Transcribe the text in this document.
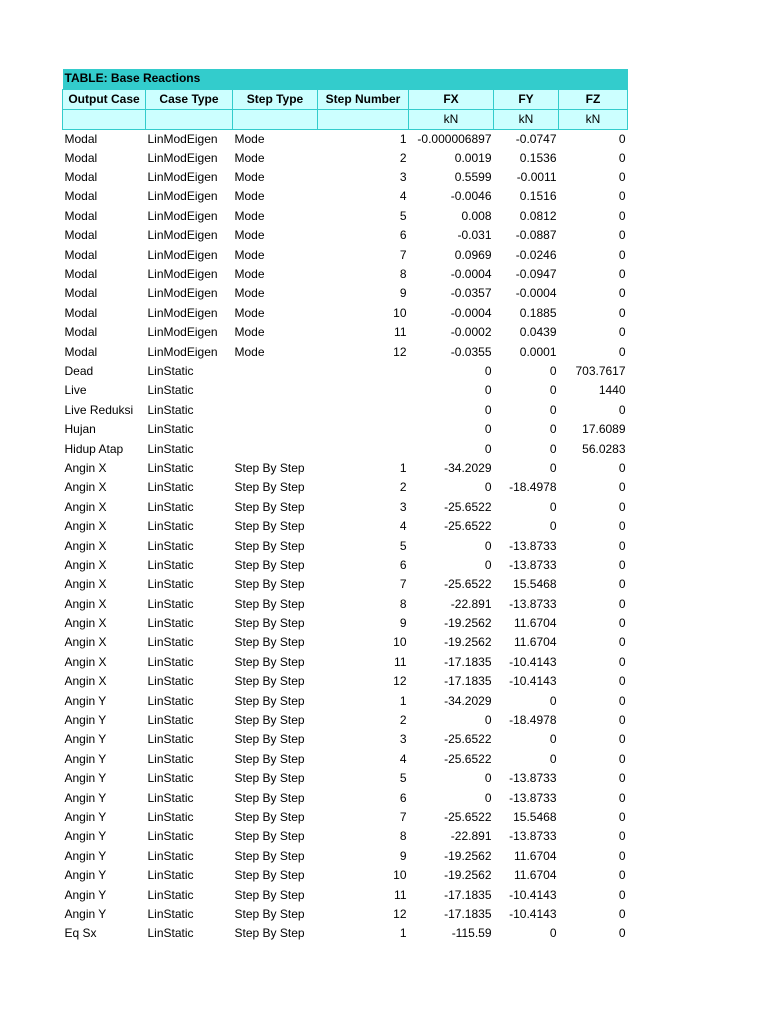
TABLE: Base Reactions						
Output Case	Case Type	Step Type	Step Number	FX	FY	FZ
				kN	kN	kN
Modal	LinModEigen	Mode	1	-0.000006897	-0.0747	0
Modal	LinModEigen	Mode	2	0.0019	0.1536	0
Modal	LinModEigen	Mode	3	0.5599	-0.0011	0
Modal	LinModEigen	Mode	4	-0.0046	0.1516	0
Modal	LinModEigen	Mode	5	0.008	0.0812	0
Modal	LinModEigen	Mode	6	-0.031	-0.0887	0
Modal	LinModEigen	Mode	7	0.0969	-0.0246	0
Modal	LinModEigen	Mode	8	-0.0004	-0.0947	0
Modal	LinModEigen	Mode	9	-0.0357	-0.0004	0
Modal	LinModEigen	Mode	10	-0.0004	0.1885	0
Modal	LinModEigen	Mode	11	-0.0002	0.0439	0
Modal	LinModEigen	Mode	12	-0.0355	0.0001	0
Dead	LinStatic			0	0	703.7617
Live	LinStatic			0	0	1440
Live Reduksi	LinStatic			0	0	0
Hujan	LinStatic			0	0	17.6089
Hidup Atap	LinStatic			0	0	56.0283
Angin X	LinStatic	Step By Step	1	-34.2029	0	0
Angin X	LinStatic	Step By Step	2	0	-18.4978	0
Angin X	LinStatic	Step By Step	3	-25.6522	0	0
Angin X	LinStatic	Step By Step	4	-25.6522	0	0
Angin X	LinStatic	Step By Step	5	0	-13.8733	0
Angin X	LinStatic	Step By Step	6	0	-13.8733	0
Angin X	LinStatic	Step By Step	7	-25.6522	15.5468	0
Angin X	LinStatic	Step By Step	8	-22.891	-13.8733	0
Angin X	LinStatic	Step By Step	9	-19.2562	11.6704	0
Angin X	LinStatic	Step By Step	10	-19.2562	11.6704	0
Angin X	LinStatic	Step By Step	11	-17.1835	-10.4143	0
Angin X	LinStatic	Step By Step	12	-17.1835	-10.4143	0
Angin Y	LinStatic	Step By Step	1	-34.2029	0	0
Angin Y	LinStatic	Step By Step	2	0	-18.4978	0
Angin Y	LinStatic	Step By Step	3	-25.6522	0	0
Angin Y	LinStatic	Step By Step	4	-25.6522	0	0
Angin Y	LinStatic	Step By Step	5	0	-13.8733	0
Angin Y	LinStatic	Step By Step	6	0	-13.8733	0
Angin Y	LinStatic	Step By Step	7	-25.6522	15.5468	0
Angin Y	LinStatic	Step By Step	8	-22.891	-13.8733	0
Angin Y	LinStatic	Step By Step	9	-19.2562	11.6704	0
Angin Y	LinStatic	Step By Step	10	-19.2562	11.6704	0
Angin Y	LinStatic	Step By Step	11	-17.1835	-10.4143	0
Angin Y	LinStatic	Step By Step	12	-17.1835	-10.4143	0
Eq Sx	LinStatic	Step By Step	1	-115.59	0	0
